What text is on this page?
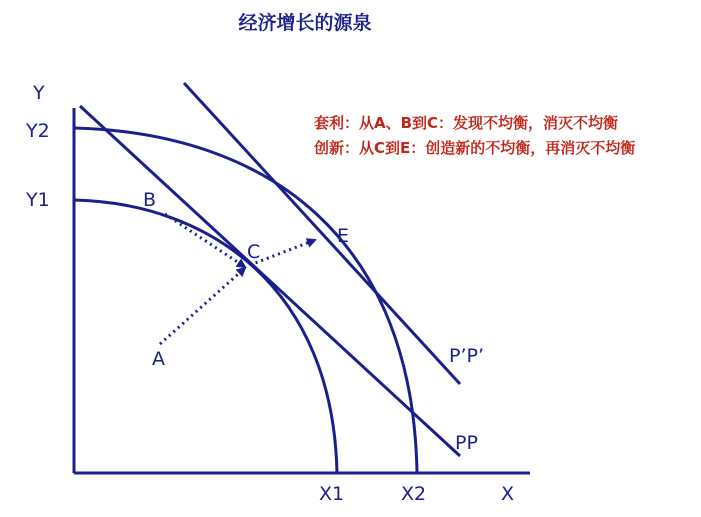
经济增长的源泉
套利：从A、B到C：发现不均衡，消灭不均衡
创新：从C到E：创造新的不均衡，再消灭不均衡
Y
Y2
Y1
X1	X2	X
A
B
C
E
P’P’
PP
